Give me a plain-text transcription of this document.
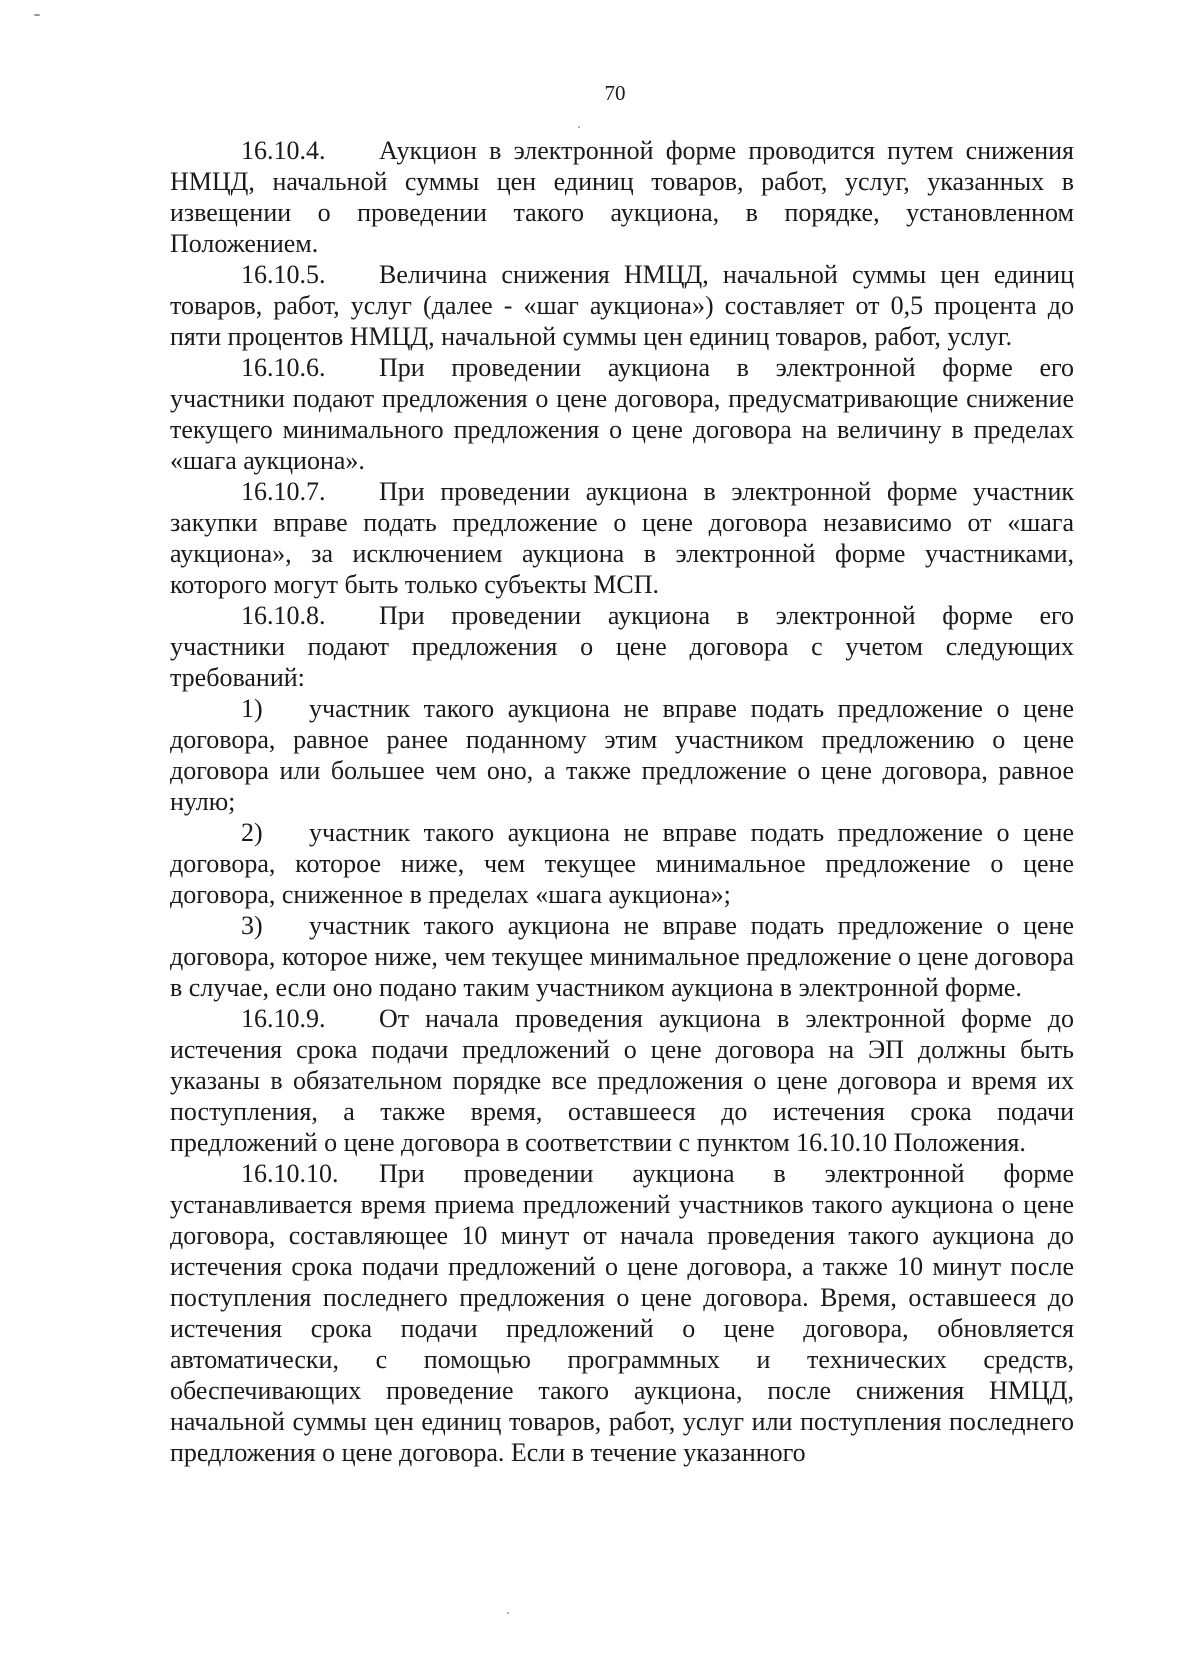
70

16.10.4. Аукцион в электронной форме проводится путем снижения НМЦД, начальной суммы цен единиц товаров, работ, услуг, указанных в извещении о проведении такого аукциона, в порядке, установленном Положением.

16.10.5. Величина снижения НМЦД, начальной суммы цен единиц товаров, работ, услуг (далее - «шаг аукциона») составляет от 0,5 процента до пяти процентов НМЦД, начальной суммы цен единиц товаров, работ, услуг.

16.10.6. При проведении аукциона в электронной форме его участники подают предложения о цене договора, предусматривающие снижение текущего минимального предложения о цене договора на величину в пределах «шага аукциона».

16.10.7. При проведении аукциона в электронной форме участник закупки вправе подать предложение о цене договора независимо от «шага аукциона», за исключением аукциона в электронной форме участниками, которого могут быть только субъекты МСП.

16.10.8. При проведении аукциона в электронной форме его участники подают предложения о цене договора с учетом следующих требований:

1) участник такого аукциона не вправе подать предложение о цене договора, равное ранее поданному этим участником предложению о цене договора или большее чем оно, а также предложение о цене договора, равное нулю;

2) участник такого аукциона не вправе подать предложение о цене договора, которое ниже, чем текущее минимальное предложение о цене договора, сниженное в пределах «шага аукциона»;

3) участник такого аукциона не вправе подать предложение о цене договора, которое ниже, чем текущее минимальное предложение о цене договора в случае, если оно подано таким участником аукциона в электронной форме.

16.10.9. От начала проведения аукциона в электронной форме до истечения срока подачи предложений о цене договора на ЭП должны быть указаны в обязательном порядке все предложения о цене договора и время их поступления, а также время, оставшееся до истечения срока подачи предложений о цене договора в соответствии с пунктом 16.10.10 Положения.

16.10.10. При проведении аукциона в электронной форме устанавливается время приема предложений участников такого аукциона о цене договора, составляющее 10 минут от начала проведения такого аукциона до истечения срока подачи предложений о цене договора, а также 10 минут после поступления последнего предложения о цене договора. Время, оставшееся до истечения срока подачи предложений о цене договора, обновляется автоматически, с помощью программных и технических средств, обеспечивающих проведение такого аукциона, после снижения НМЦД, начальной суммы цен единиц товаров, работ, услуг или поступления последнего предложения о цене договора. Если в течение указанного
